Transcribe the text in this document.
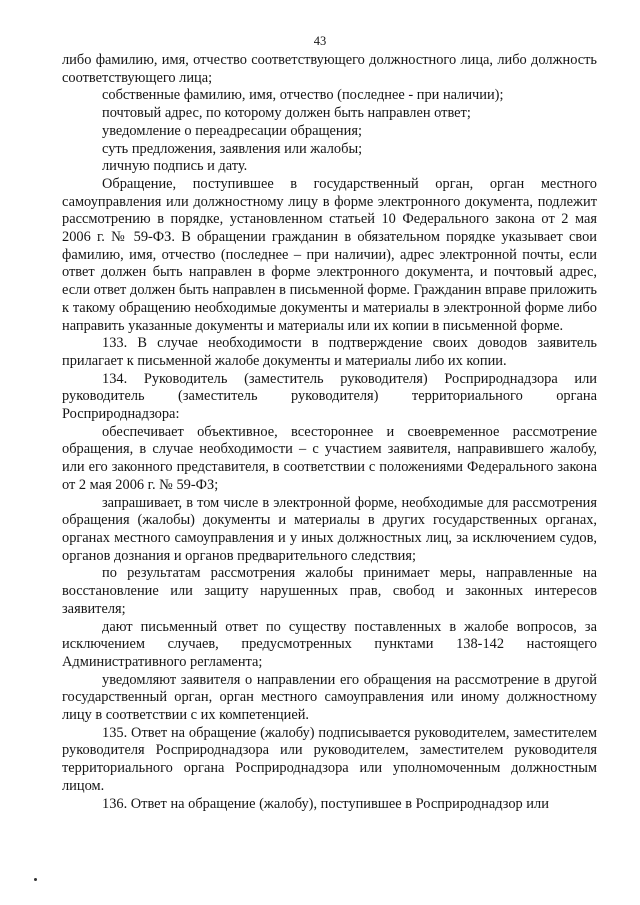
43

либо фамилию, имя, отчество соответствующего должностного лица, либо должность соответствующего лица;

собственные фамилию, имя, отчество (последнее - при наличии);

почтовый адрес, по которому должен быть направлен ответ;

уведомление о переадресации обращения;

суть предложения, заявления или жалобы;

личную подпись и дату.

Обращение, поступившее в государственный орган, орган местного самоуправления или должностному лицу в форме электронного документа, подлежит рассмотрению в порядке, установленном статьей 10 Федерального закона от 2 мая 2006 г. № 59-ФЗ. В обращении гражданин в обязательном порядке указывает свои фамилию, имя, отчество (последнее – при наличии), адрес электронной почты, если ответ должен быть направлен в форме электронного документа, и почтовый адрес, если ответ должен быть направлен в письменной форме. Гражданин вправе приложить к такому обращению необходимые документы и материалы в электронной форме либо направить указанные документы и материалы или их копии в письменной форме.

133. В случае необходимости в подтверждение своих доводов заявитель прилагает к письменной жалобе документы и материалы либо их копии.

134. Руководитель (заместитель руководителя) Росприроднадзора или руководитель (заместитель руководителя) территориального органа Росприроднадзора:

обеспечивает объективное, всестороннее и своевременное рассмотрение обращения, в случае необходимости – с участием заявителя, направившего жалобу, или его законного представителя, в соответствии с положениями Федерального закона от 2 мая 2006 г. № 59-ФЗ;

запрашивает, в том числе в электронной форме, необходимые для рассмотрения обращения (жалобы) документы и материалы в других государственных органах, органах местного самоуправления и у иных должностных лиц, за исключением судов, органов дознания и органов предварительного следствия;

по результатам рассмотрения жалобы принимает меры, направленные на восстановление или защиту нарушенных прав, свобод и законных интересов заявителя;

дают письменный ответ по существу поставленных в жалобе вопросов, за исключением случаев, предусмотренных пунктами 138-142 настоящего Административного регламента;

уведомляют заявителя о направлении его обращения на рассмотрение в другой государственный орган, орган местного самоуправления или иному должностному лицу в соответствии с их компетенцией.

135. Ответ на обращение (жалобу) подписывается руководителем, заместителем руководителя Росприроднадзора или руководителем, заместителем руководителя территориального органа Росприроднадзора или уполномоченным должностным лицом.

136. Ответ на обращение (жалобу), поступившее в Росприроднадзор или
